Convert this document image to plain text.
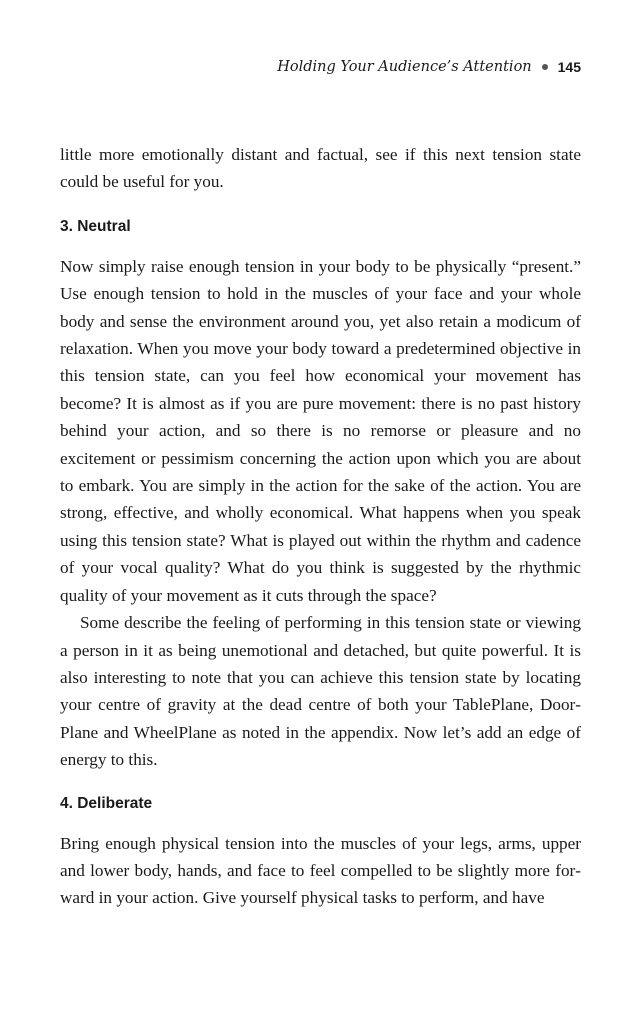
Holding Your Audience’s Attention 145

little more emotionally distant and factual, see if this next tension state could be useful for you.

3. Neutral

Now simply raise enough tension in your body to be physically “present.” Use enough tension to hold in the muscles of your face and your whole body and sense the environment around you, yet also retain a modicum of relaxation. When you move your body toward a predetermined objective in this tension state, can you feel how economical your movement has become? It is almost as if you are pure movement: there is no past history behind your action, and so there is no remorse or pleasure and no excitement or pessimism concerning the action upon which you are about to embark. You are simply in the action for the sake of the action. You are strong, effective, and wholly economical. What happens when you speak using this tension state? What is played out within the rhythm and cadence of your vocal quality? What do you think is suggested by the rhythmic quality of your movement as it cuts through the space?

Some describe the feeling of performing in this tension state or viewing a person in it as being unemotional and detached, but quite powerful. It is also interesting to note that you can achieve this tension state by locating your centre of gravity at the dead centre of both your TablePlane, DoorPlane and WheelPlane as noted in the appendix. Now let’s add an edge of energy to this.

4. Deliberate

Bring enough physical tension into the muscles of your legs, arms, upper and lower body, hands, and face to feel compelled to be slightly more forward in your action. Give yourself physical tasks to perform, and have
